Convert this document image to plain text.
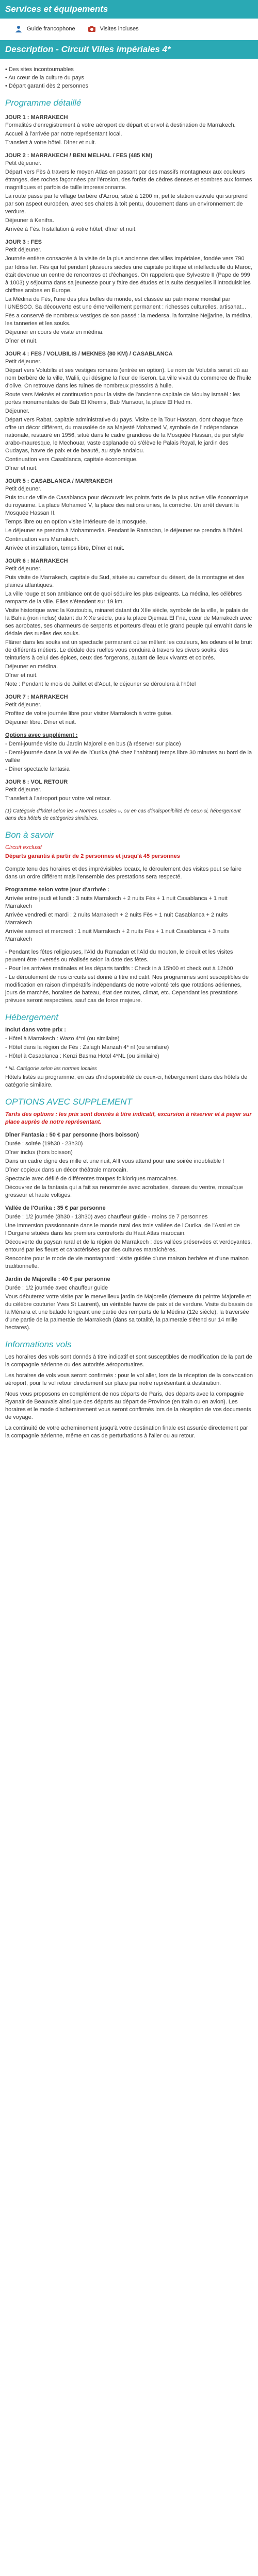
Services et équipements
Guide francophone	Visites incluses
Description - Circuit Villes impériales 4*
• Des sites incontournables
• Au cœur de la culture du pays
• Départ garanti dès 2 personnes
Programme détaillé

JOUR 1 : MARRAKECH

Formalités d'enregistrement à votre aéroport de départ et envol à destination de Marrakech.

Accueil à l'arrivée par notre représentant local.

Transfert à votre hôtel. Dîner et nuit.

JOUR 2 : MARRAKECH / BENI MELHAL / FES (485 KM)

Petit déjeuner.

Départ vers Fès à travers le moyen Atlas en passant par des massifs montagneux aux couleurs étranges, des roches façonnées par l'érosion, des forêts de cèdres denses et sombres aux formes magnifiques et parfois de taille impressionnante.

La route passe par le village berbère d'Azrou, situé à 1200 m, petite station estivale qui surprend par son aspect européen, avec ses chalets à toit pentu, doucement dans un environnement de verdure.

Déjeuner à Kenifra.

Arrivée à Fès. Installation à votre hôtel, dîner et nuit.

JOUR 3 : FES

Petit déjeuner.

Journée entière consacrée à la visite de la plus ancienne des villes impériales, fondée vers 790

par Idriss Ier. Fès qui fut pendant plusieurs siècles une capitale politique et intellectuelle du Maroc, était devenue un centre de rencontres et d'échanges. On rappelera que Sylvestre II (Pape de 999 à 1003) y séjourna dans sa jeunesse pour y faire des études et la suite desquelles il introduisit les chiffres arabes en Europe.

La Médina de Fès, l'une des plus belles du monde, est classée au patrimoine mondial par l'UNESCO. Sa découverte est une émerveillement permanent : richesses culturelles, artisanat...

Fès a conservé de nombreux vestiges de son passé : la medersa, la fontaine Nejjarine, la médina, les tanneries et les souks.

Déjeuner en cours de visite en médina.

Dîner et nuit.

JOUR 4 : FES / VOLUBILIS / MEKNES (80 KM) / CASABLANCA

Petit déjeuner.

Départ vers Volubilis et ses vestiges romains (entrée en option). Le nom de Volubilis serait dû au nom berbère de la ville, Walili, qui désigne la fleur de liseron. La ville vivait du commerce de l'huile d'olive. On retrouve dans les ruines de nombreux pressoirs à huile.

Route vers Meknès et continuation pour la visite de l'ancienne capitale de Moulay Ismaël : les portes monumentales de Bab El Khemis, Bab Mansour, la place El Hedim.

Déjeuner.

Départ vers Rabat, capitale administrative du pays. Visite de la Tour Hassan, dont chaque face offre un décor différent, du mausolée de sa Majesté Mohamed V, symbole de l'indépendance nationale, restauré en 1956, situé dans le cadre grandiose de la Mosquée Hassan, de pur style arabo-mauresque, le Mechouar, vaste esplanade où s'élève le Palais Royal, le jardin des Oudayas, havre de paix et de beauté, au style andalou.

Continuation vers Casablanca, capitale économique.

Dîner et nuit.

JOUR 5 : CASABLANCA / MARRAKECH

Petit déjeuner.

Puis tour de ville de Casablanca pour découvrir les points forts de la plus active ville économique du royaume. La place Mohamed V, la place des nations unies, la corniche. Un arrêt devant la Mosquée Hassan II.

Temps libre ou en option visite intérieure de la mosquée.

Le déjeuner se prendra à Mohammedia. Pendant le Ramadan, le déjeuner se prendra à l'hôtel.

Continuation vers Marrakech.

Arrivée et installation, temps libre, Dîner et nuit.

JOUR 6 : MARRAKECH

Petit déjeuner.

Puis visite de Marrakech, capitale du Sud, située au carrefour du désert, de la montagne et des plaines atlantiques.

La ville rouge et son ambiance ont de quoi séduire les plus exigeants. La médina, les célèbres remparts de la ville. Elles s'étendent sur 19 km.

Visite historique avec la Koutoubia, minaret datant du XIIe siècle, symbole de la ville, le palais de la Bahia (non inclus) datant du XIXe siècle, puis la place Djemaa El Fna, cœur de Marrakech avec ses acrobates, ses charmeurs de serpents et porteurs d'eau et le grand peuple qui envahit dans le dédale des ruelles des souks.

Flâner dans les souks est un spectacle permanent où se mêlent les couleurs, les odeurs et le bruit de différents métiers. Le dédale des ruelles vous conduira à travers les divers souks, des teinturiers à celui des épices, ceux des forgerons, autant de lieux vivants et colorés.

Déjeuner en médina.

Dîner et nuit.

Note : Pendant le mois de Juillet et d'Aout, le déjeuner se déroulera à l'hôtel

JOUR 7 : MARRAKECH

Petit déjeuner.

Profitez de votre journée libre pour visiter Marrakech à votre guise.

Déjeuner libre. Dîner et nuit.

Options avec supplément :

- Demi-journée visite du Jardin Majorelle en bus (à réserver sur place)

- Demi-journée dans la vallée de l'Ourika (thé chez l'habitant) temps libre 30 minutes au bord de la vallée

- Dîner spectacle fantasia

JOUR 8 : VOL RETOUR

Petit déjeuner.

Transfert à l'aéroport pour votre vol retour.

(1) Catégorie d'hôtel selon les « Normes Locales », ou en cas d'indisponibilité de ceux-ci, hébergement dans des hôtels de catégories similaires.

Bon à savoir

Circuit exclusif

Départs garantis à partir de 2 personnes et jusqu'à 45 personnes

Compte tenu des horaires et des imprévisibles locaux, le déroulement des visites peut se faire dans un ordre différent mais l'ensemble des prestations sera respecté.

Programme selon votre jour d'arrivée :

Arrivée entre jeudi et lundi : 3 nuits Marrakech + 2 nuits Fès + 1 nuit Casablanca + 1 nuit Marrakech

Arrivée vendredi et mardi : 2 nuits Marrakech + 2 nuits Fès + 1 nuit Casablanca + 2 nuits Marrakech

Arrivée samedi et mercredi : 1 nuit Marrakech + 2 nuits Fès + 1 nuit Casablanca + 3 nuits Marrakech

- Pendant les fêtes religieuses, l'Aïd du Ramadan et l'Aïd du mouton, le circuit et les visites peuvent être inversés ou réalisés selon la date des fêtes.

- Pour les arrivées matinales et les départs tardifs : Check in à 15h00 et check out à 12h00

- Le déroulement de nos circuits est donné à titre indicatif. Nos programmes sont susceptibles de modification en raison d'impératifs indépendants de notre volonté tels que rotations aériennes, jours de marchés, horaires de bateau, état des routes, climat, etc. Cependant les prestations prévues seront respectées, sauf cas de force majeure.

Hébergement

Inclut dans votre prix :

- Hôtel à Marrakech : Wazo 4*nl (ou similaire)

- Hôtel dans la région de Fès : Zalagh Manzah 4* nl (ou similaire)

- Hôtel à Casablanca : Kenzi Basma Hotel 4*NL (ou similaire)

* NL Catégorie selon les normes locales

Hôtels listés au programme, en cas d'indisponibilité de ceux-ci, hébergement dans des hôtels de catégorie similaire.

OPTIONS AVEC SUPPLEMENT

Tarifs des options : les prix sont donnés à titre indicatif, excursion à réserver et à payer sur place auprès de notre représentant.

Dîner Fantasia : 50 € par personne (hors boisson)

Durée : soirée (19h30 - 23h30)

Dîner inclus (hors boisson)

Dans un cadre digne des mille et une nuit, Allt vous attend pour une soirée inoubliable !

Dîner copieux dans un décor théâtrale marocain.

Spectacle avec défilé de différentes troupes folkloriques marocaines.

Découvrez de la fantasia qui a fait sa renommée avec acrobaties, danses du ventre, mosaïque grosseur et haute voltiges.

Vallée de l'Ourika : 35 € par personne

Durée : 1/2 journée (8h30 - 13h30) avec chauffeur guide - moins de 7 personnes

Une immersion passionnante dans le monde rural des trois vallées de l'Ourika, de l'Asni et de l'Ourgane situées dans les premiers contreforts du Haut Atlas marocain.

Découverte du paysan rural et de la région de Marrakech : des vallées préservées et verdoyantes, entouré par les fleurs et caractérisées par des cultures maraîchères.

Rencontre pour le mode de vie montagnard : visite guidée d'une maison berbère et d'une maison traditionnelle.

Jardin de Majorelle : 40 € par personne

Durée : 1/2 journée avec chauffeur guide

Vous débuterez votre visite par le merveilleux jardin de Majorelle (demeure du peintre Majorelle et du célèbre couturier Yves St Laurent), un véritable havre de paix et de verdure. Visite du bassin de la Ménara et une balade longeant une partie des remparts de la Médina (12e siècle), la traversée d'une partie de la palmeraie de Marrakech (dans sa totalité, la palmeraie s'étend sur 14 mille hectares).

Informations vols

Les horaires des vols sont donnés à titre indicatif et sont susceptibles de modification de la part de la compagnie aérienne ou des autorités aéroportuaires.

Les horaires de vols vous seront confirmés : pour le vol aller, lors de la réception de la convocation aéroport, pour le vol retour directement sur place par notre représentant à destination.

Nous vous proposons en complément de nos départs de Paris, des départs avec la compagnie Ryanair de Beauvais ainsi que des départs au départ de Province (en train ou en avion). Les horaires et le mode d'acheminement vous seront confirmés lors de la réception de vos documents de voyage.

La continuité de votre acheminement jusqu'à votre destination finale est assurée directement par la compagnie aérienne, même en cas de perturbations à l'aller ou au retour.
